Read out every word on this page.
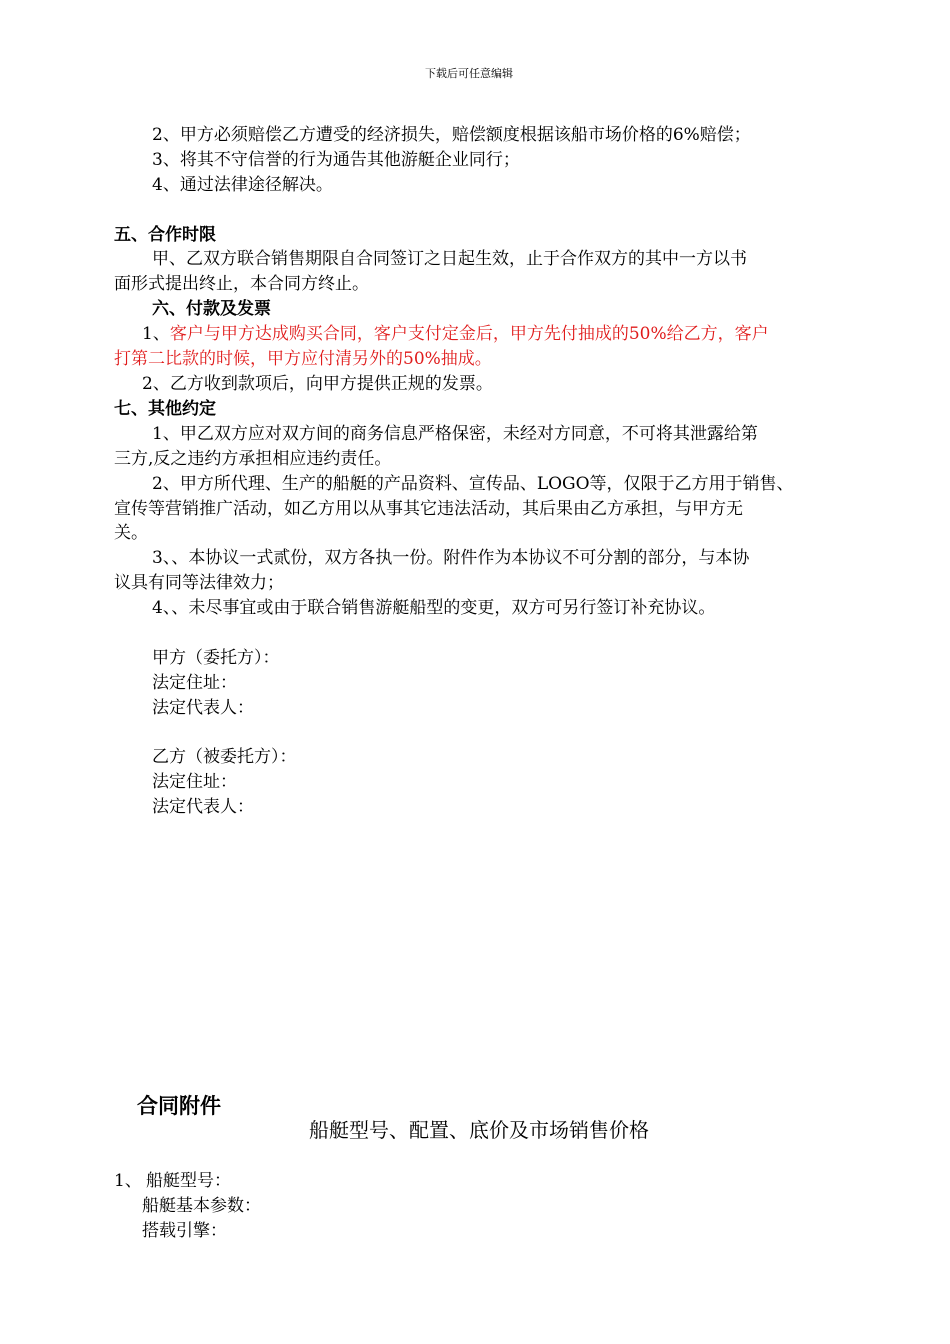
下载后可任意编辑
2、甲方必须赔偿乙方遭受的经济损失，赔偿额度根据该船市场价格的6%赔偿；
3、将其不守信誉的行为通告其他游艇企业同行；
4、通过法律途径解决。
五、合作时限
甲、乙双方联合销售期限自合同签订之日起生效，止于合作双方的其中一方以书
面形式提出终止，本合同方终止。
六、付款及发票
1、客户与甲方达成购买合同，客户支付定金后，甲方先付抽成的50%给乙方，客户
打第二比款的时候，甲方应付清另外的50%抽成。
2、乙方收到款项后，向甲方提供正规的发票。
七、其他约定
1、甲乙双方应对双方间的商务信息严格保密，未经对方同意，不可将其泄露给第
三方,反之违约方承担相应违约责任。
2、甲方所代理、生产的船艇的产品资料、宣传品、LOGO等，仅限于乙方用于销售、
宣传等营销推广活动，如乙方用以从事其它违法活动，其后果由乙方承担，与甲方无
关。
3、、本协议一式贰份，双方各执一份。附件作为本协议不可分割的部分，与本协
议具有同等法律效力；
4、、未尽事宜或由于联合销售游艇船型的变更，双方可另行签订补充协议。
甲方（委托方）：
法定住址：
法定代表人：
乙方（被委托方）：
法定住址：
法定代表人：
合同附件
船艇型号、配置、底价及市场销售价格
1、 船艇型号：
船艇基本参数：
搭载引擎：
